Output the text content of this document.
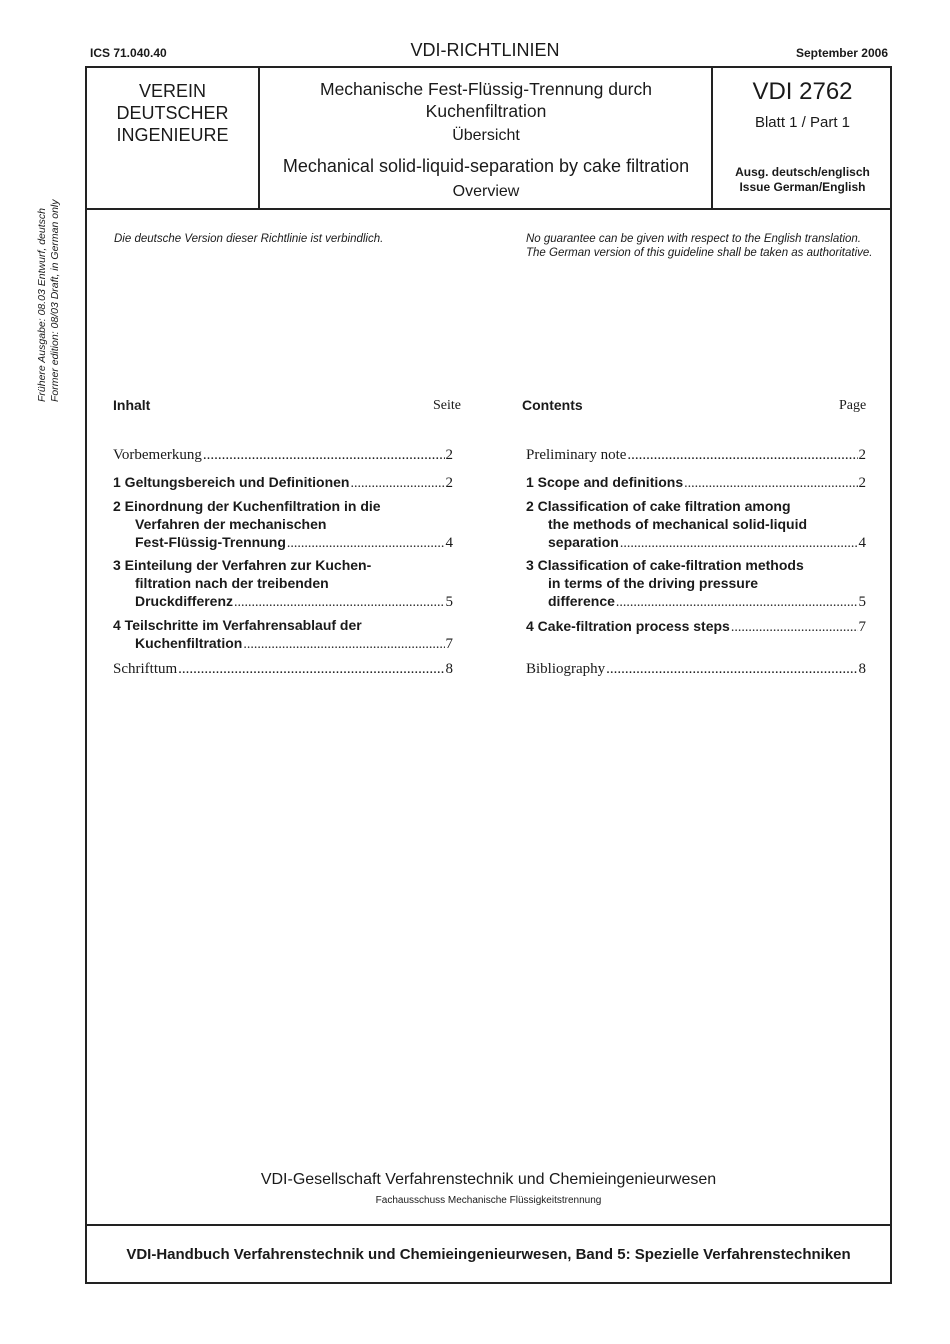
ICS 71.040.40	VDI-RICHTLINIEN	September 2006
VEREIN
DEUTSCHER
INGENIEURE
Mechanische Fest-Flüssig-Trennung durch
Kuchenfiltration
Übersicht
Mechanical solid-liquid-separation by cake filtration
Overview
VDI 2762
Blatt 1 / Part 1
Ausg. deutsch/englisch
Issue German/English
Frühere Ausgabe: 08.03 Entwurf, deutsch Former edition: 08/03 Draft, in German only	Die deutsche Version dieser Richtlinie ist verbindlich.	No guarantee can be given with respect to the English translation. The German version of this guideline shall be taken as authoritative.
Inhalt	Seite
Vorbemerkung .....	2
1 Geltungsbereich und Definitionen .....	2
2 Einordnung der Kuchenfiltration in die
Verfahren der mechanischen
Fest-Flüssig-Trennung .....	4
3 Einteilung der Verfahren zur Kuchen-
filtration nach der treibenden
Druckdifferenz .....	5
4 Teilschritte im Verfahrensablauf der
Kuchenfiltration .....	7
Schrifttum .....	8
Contents	Page
Preliminary note .....	2
1 Scope and definitions .....	2
2 Classification of cake filtration among
the methods of mechanical solid-liquid
separation .....	4
3 Classification of cake-filtration methods
in terms of the driving pressure
difference .....	5
4 Cake-filtration process steps .....	7
Bibliography .....	8
VDI-Gesellschaft Verfahrenstechnik und Chemieingenieurwesen
Fachausschuss Mechanische Flüssigkeitstrennung
VDI-Handbuch Verfahrenstechnik und Chemieingenieurwesen, Band 5: Spezielle Verfahrenstechniken
